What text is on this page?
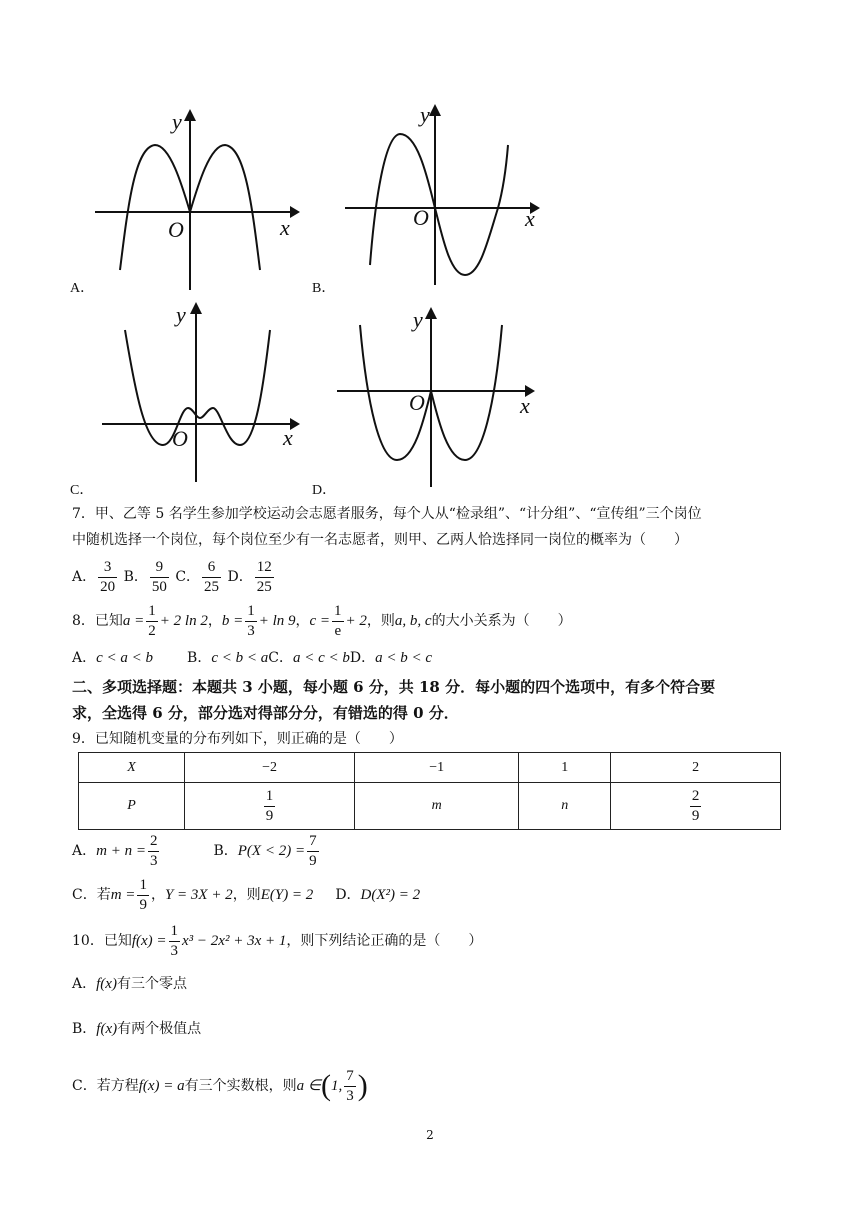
O	x
y
A．
O	x
y
B．
O	x
y
C．
O	x
y
D．
7．甲、乙等 5 名学生参加学校运动会志愿者服务，每个人从“检录组”、“计分组”、“宣传组”三个岗位
中随机选择一个岗位，每个岗位至少有一名志愿者，则甲、乙两人恰选择同一岗位的概率为（　　）
A． $\frac{3}{20}$ B． $\frac{9}{50}$ C． $\frac{6}{25}$ D． $\frac{12}{25}$
8．已知$a = \frac{1}{2} + 2$ ln 2，$b = \frac{1}{3} + \ln 9$，$c = \frac{1}{e} + 2$，则a, b, c的大小关系为（　　）
A．c < a < b B．c < b < aC．a < c < bD．a < b < c
二、多项选择题：本题共 3 小题，每小题 6 分，共 18 分．每小题的四个选项中，有多个符合要
求，全选得 6 分，部分选对得部分分，有错选的得 0 分．
9．已知随机变量的分布列如下，则正确的是（　　）
X	−2	−1	1	2
P	$\frac{1}{9}$	m	n	$\frac{2}{9}$
A．$m + n = \frac{2}{3}$	B．$P(X < 2) = \frac{7}{9}$
C．若$m = \frac{1}{9}$ ，Y = 3X + 2，则E(Y) = 2 D．D(X²) = 2
10．已知$f(x) = \frac{1}{3} x^3 - 2x^2 + 3x + 1$，则下列结论正确的是（　　）
A．f(x)有三个零点
B．f(x)有两个极值点
C．若方程f(x) = a有三个实数根，则a ∈(1, $\frac{7}{3}$ )
2
